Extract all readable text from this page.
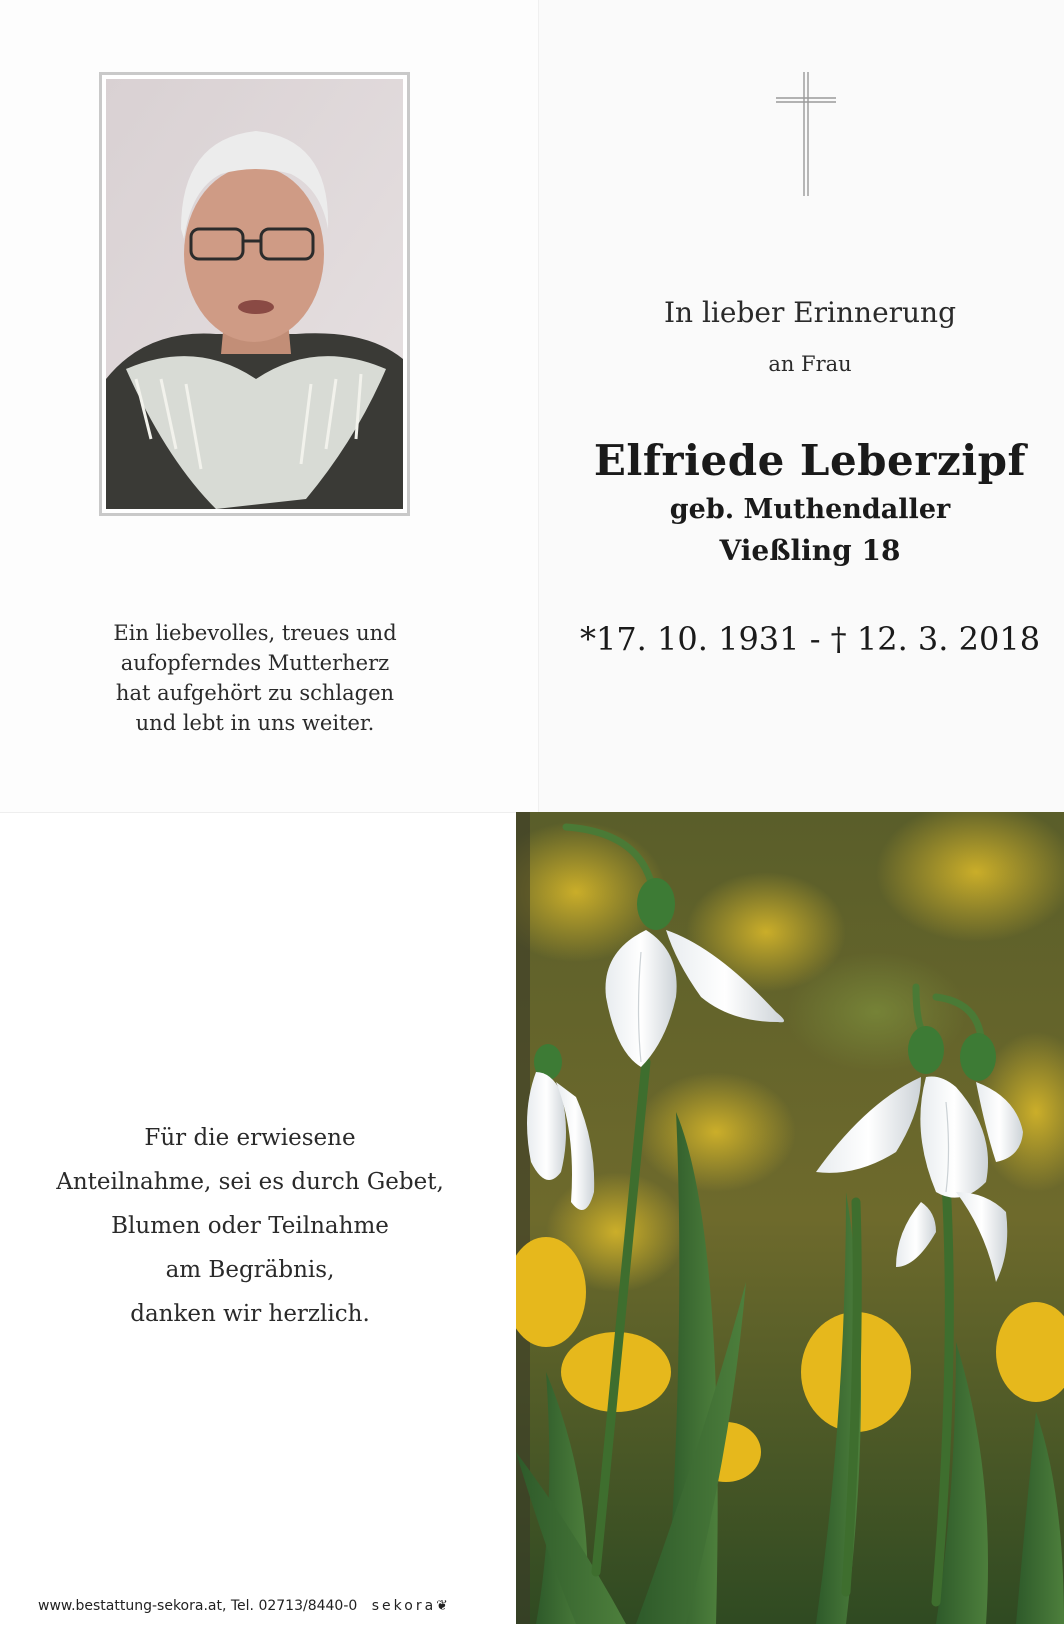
Ein liebevolles, treues und
aufopferndes Mutterherz
hat aufgehört zu schlagen
und lebt in uns weiter.
In lieber Erinnerung
an Frau
Elfriede Leberzipf
geb. Muthendaller
Vießling 18
*17. 10. 1931 - † 12. 3. 2018
Für die erwiesene
Anteilnahme, sei es durch Gebet,
Blumen oder Teilnahme
am Begräbnis,
danken wir herzlich.
www.bestattung-sekora.at, Tel. 02713/8440-0 sekora❦
